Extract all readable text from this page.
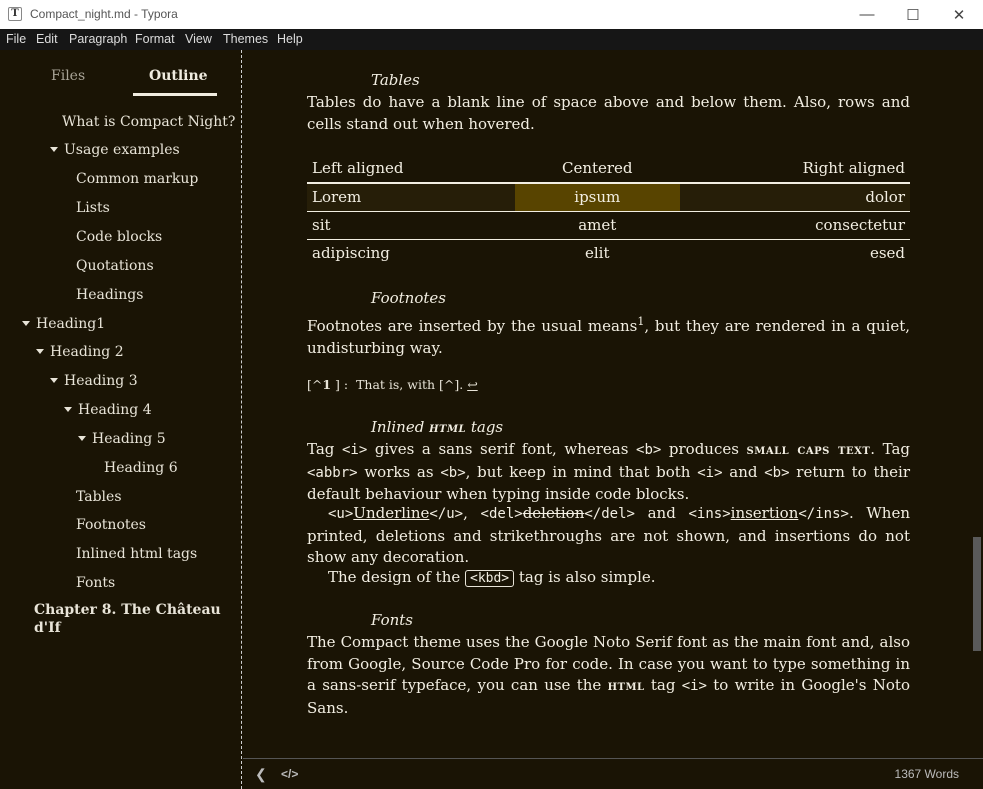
T Compact_night.md - Typora	—	☐	✕
File Edit Paragraph Format View Themes Help
Files	Outline
What is Compact Night?
Usage examples
Common markup
Lists
Code blocks
Quotations
Headings
Heading1
Heading 2
Heading 3
Heading 4
Heading 5
Heading 6
Tables
Footnotes
Inlined html tags
Fonts
Chapter 8. The Château d'If
Tables
Tables do have a blank line of space above and below them. Also, rows and cells stand out when hovered.
Left aligned	Centered	Right aligned
Lorem	ipsum	dolor
sit	amet	consectetur
adipiscing	elit	esed
Footnotes
Footnotes are inserted by the usual means$^1$, but they are rendered in a quiet, undisturbing way.
[^1 ] : That is, with [^]. ↩
Inlined html tags
Tag <i> gives a sans serif font, whereas <b> produces small caps text. Tag <abbr> works as <b>, but keep in mind that both <i> and <b> return to their default behaviour when typing inside code blocks.
<u>Underline</u>, <del>deletion</del> and <ins>insertion</ins>. When printed, deletions and strikethroughs are not shown, and insertions do not show any decoration.
The design of the <kbd> tag is also simple.
Fonts
The Compact theme uses the Google Noto Serif font as the main font and, also from Google, Source Code Pro for code. In case you want to type something in a sans-serif typeface, you can use the html tag <i> to write in Google's Noto Sans.
❮ </>	1367 Words
